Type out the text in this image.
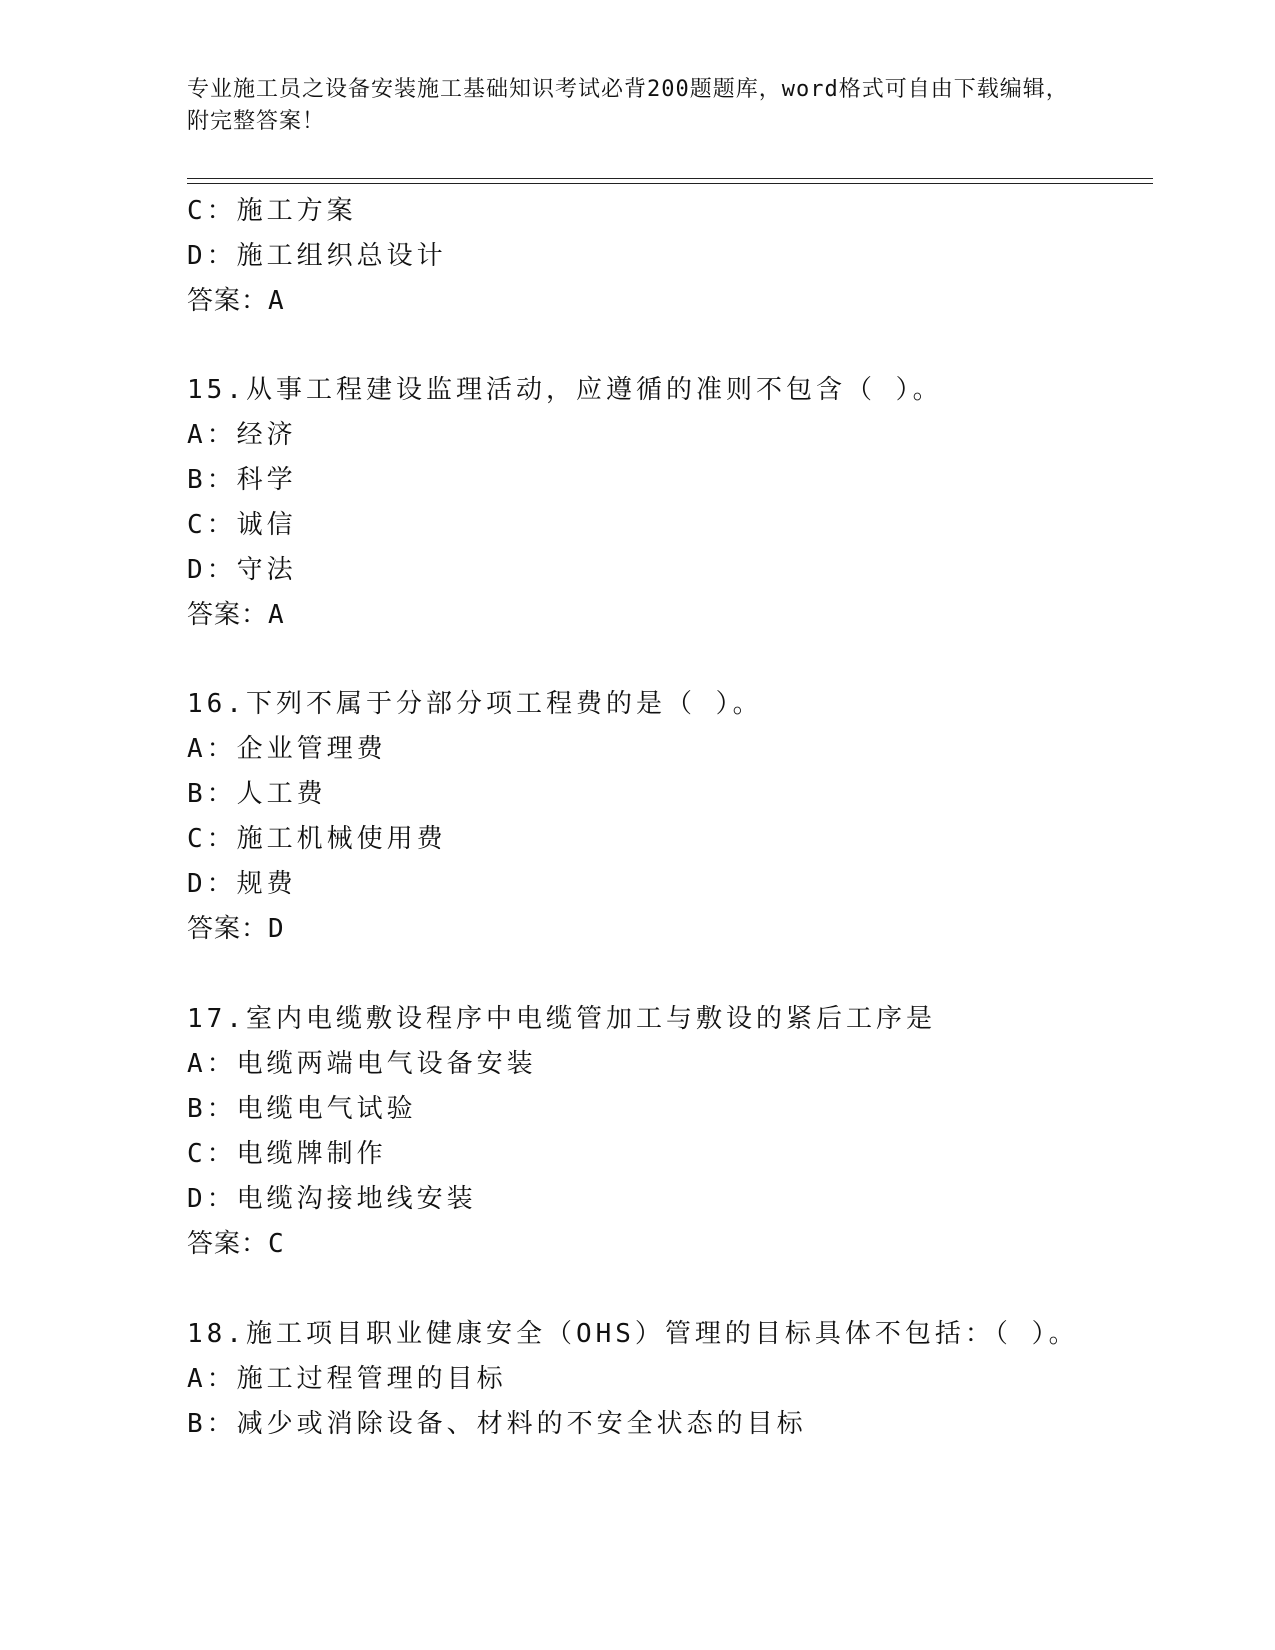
专业施工员之设备安装施工基础知识考试必背200题题库，word格式可自由下载编辑，附完整答案！
C：施工方案
D：施工组织总设计
答案：A
15.从事工程建设监理活动，应遵循的准则不包含（ ）。
A：经济
B：科学
C：诚信
D：守法
答案：A
16.下列不属于分部分项工程费的是（ ）。
A：企业管理费
B：人工费
C：施工机械使用费
D：规费
答案：D
17.室内电缆敷设程序中电缆管加工与敷设的紧后工序是
A：电缆两端电气设备安装
B：电缆电气试验
C：电缆牌制作
D：电缆沟接地线安装
答案：C
18.施工项目职业健康安全（OHS）管理的目标具体不包括：（ ）。
A：施工过程管理的目标
B：减少或消除设备、材料的不安全状态的目标
